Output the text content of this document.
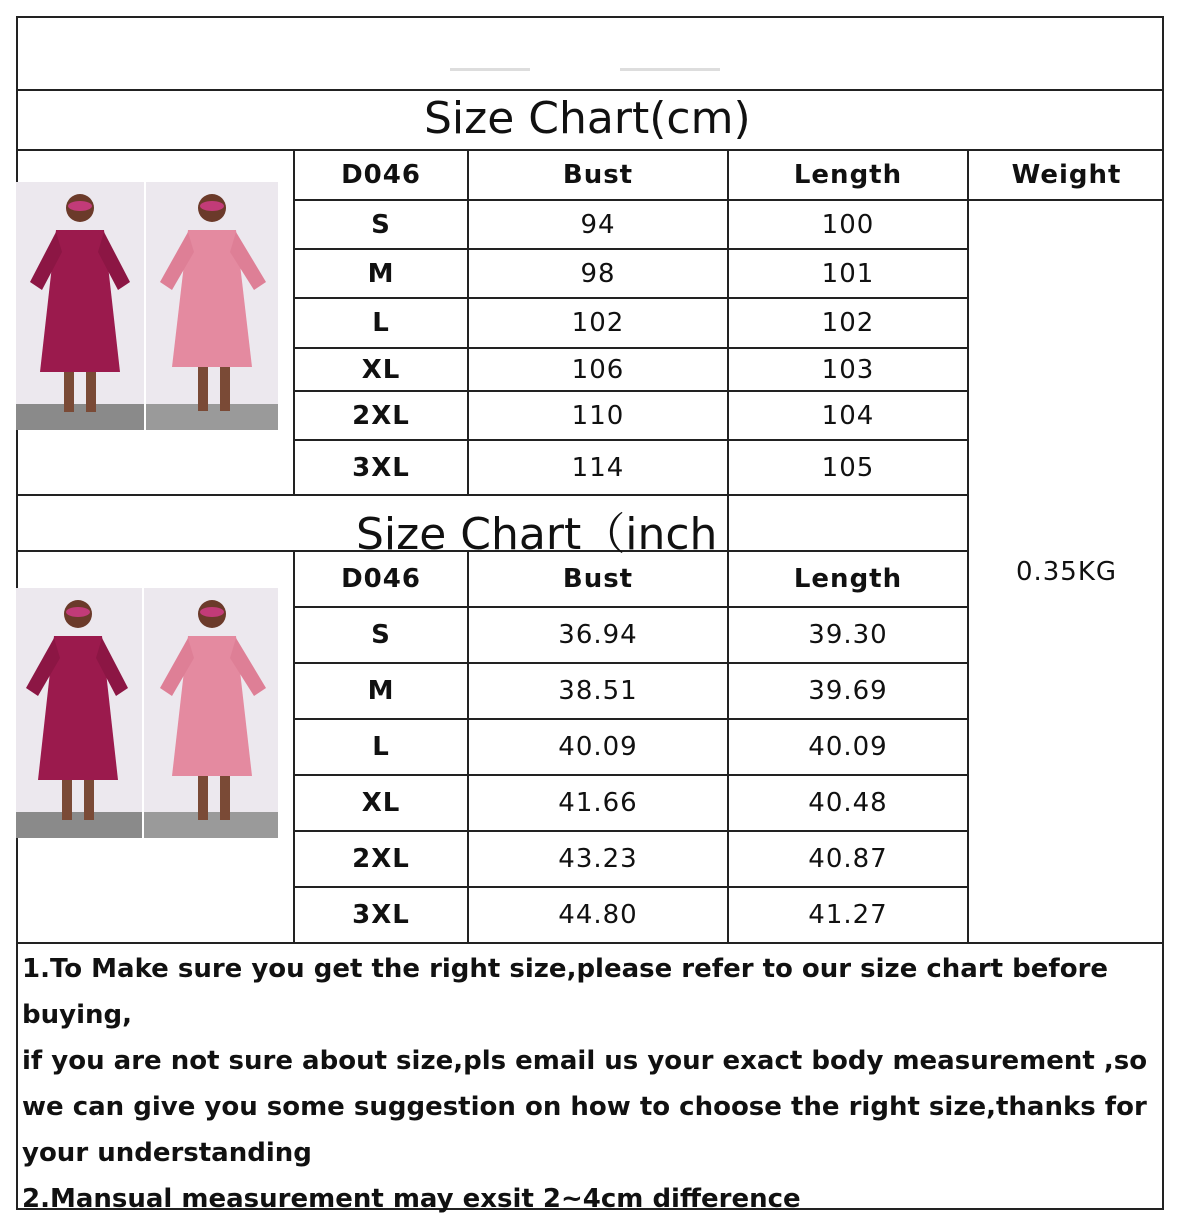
Size Chart(cm)
Size Chart（inch
D046	Bust	Length	Weight
S	94	100
M	98	101
L	102	102
XL	106	103
2XL	110	104
3XL	114	105
0.35KG
D046	Bust	Length
S	36.94	39.30
M	38.51	39.69
L	40.09	40.09
XL	41.66	40.48
2XL	43.23	40.87
3XL	44.80	41.27

1.To Make sure you get the right size,please refer to our size chart before buying,

if you are not sure about size,pls email us your exact body measurement ,so we can give you some suggestion on how to choose the right size,thanks for your understanding

2.Mansual measurement may exsit 2~4cm difference
